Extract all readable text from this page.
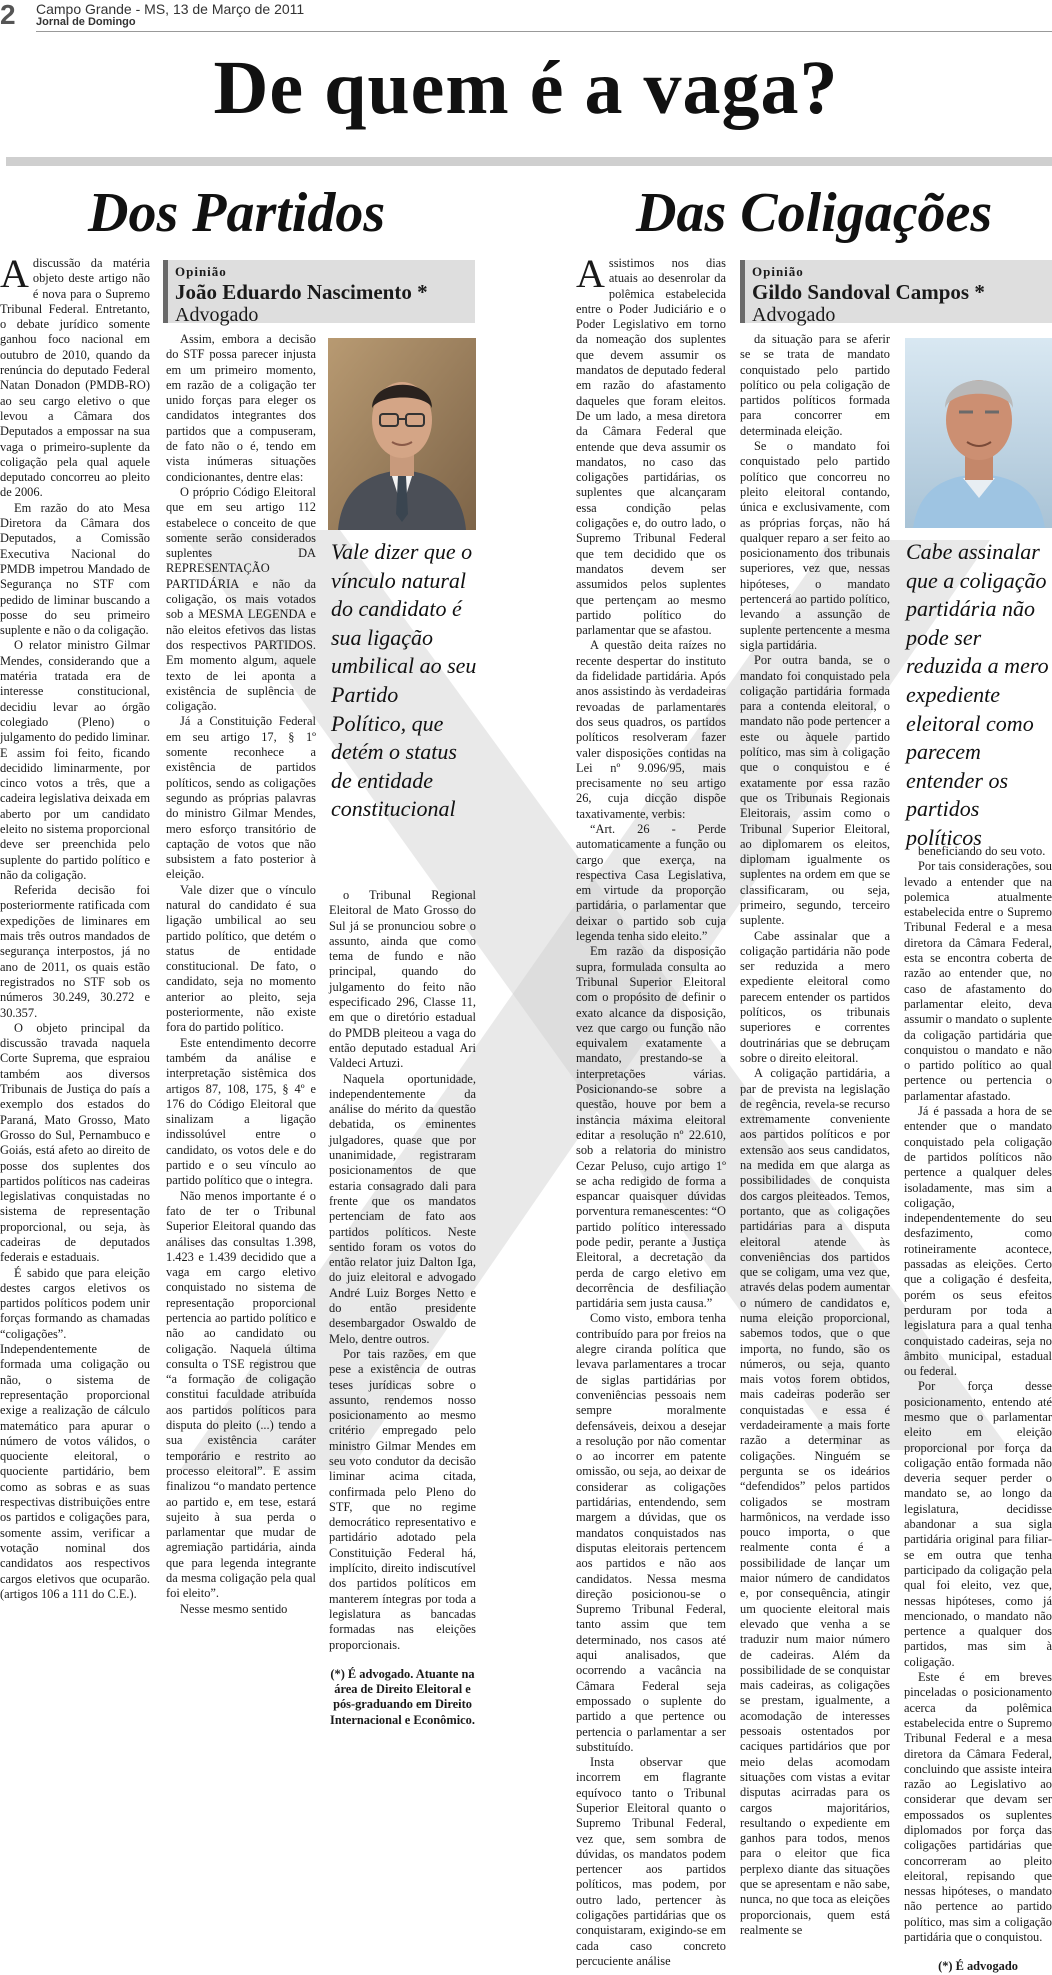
2	Campo Grande - MS, 13 de Março de 2011
Jornal de Domingo
De quem é a vaga?
Dos Partidos	Das Coligações
Opinião
João Eduardo Nascimento *
Advogado

Adiscussão da matéria objeto deste artigo não é nova para o Supremo Tribunal Federal. Entretanto, o debate jurídico somente ganhou foco nacional em outubro de 2010, quando da renúncia do deputado Federal Natan Donadon (PMDB-RO) ao seu cargo eletivo o que levou a Câmara dos Deputados a empossar na sua vaga o primeiro-suplente da coligação pela qual aquele deputado concorreu ao pleito de 2006.

Em razão do ato Mesa Diretora da Câmara dos Deputados, a Comissão Executiva Nacional do PMDB impetrou Mandado de Segurança no STF com pedido de liminar buscando a posse do seu primeiro suplente e não o da coligação.

O relator ministro Gilmar Mendes, considerando que a matéria tratada era de interesse constitucional, decidiu levar ao órgão colegiado (Pleno) o julgamento do pedido liminar. E assim foi feito, ficando decidido liminarmente, por cinco votos a três, que a cadeira legislativa deixada em aberto por um candidato eleito no sistema proporcional deve ser preenchida pelo suplente do partido político e não da coligação.

Referida decisão foi posteriormente ratificada com expedições de liminares em mais três outros mandados de segurança interpostos, já no ano de 2011, os quais estão registrados no STF sob os números 30.249, 30.272 e 30.357.

O objeto principal da discussão travada naquela Corte Suprema, que espraiou também aos diversos Tribunais de Justiça do país a exemplo dos estados do Paraná, Mato Grosso, Mato Grosso do Sul, Pernambuco e Goiás, está afeto ao direito de posse dos suplentes dos partidos políticos nas cadeiras legislativas conquistadas no sistema de representação proporcional, ou seja, às cadeiras de deputados federais e estaduais.

É sabido que para eleição destes cargos eletivos os partidos políticos podem unir forças formando as chamadas “coligações”. Independentemente de formada uma coligação ou não, o sistema de representação proporcional exige a realização de cálculo matemático para apurar o número de votos válidos, o quociente eleitoral, o quociente partidário, bem como as sobras e as suas respectivas distribuições entre os partidos e coligações para, somente assim, verificar a votação nominal dos candidatos aos respectivos cargos eletivos que ocuparão. (artigos 106 a 111 do C.E.).

Assim, embora a decisão do STF possa parecer injusta em um primeiro momento, em razão de a coligação ter unido forças para eleger os candidatos integrantes dos partidos que a compuseram, de fato não o é, tendo em vista inúmeras situações condicionantes, dentre elas:

O próprio Código Eleitoral que em seu artigo 112 estabelece o conceito de que somente serão considerados suplentes DA REPRESENTAÇÃO PARTIDÁRIA e não da coligação, os mais votados sob a MESMA LEGENDA e não eleitos efetivos das listas dos respectivos PARTIDOS. Em momento algum, aquele texto de lei aponta a existência de suplência de coligação.

Já a Constituição Federal em seu artigo 17, § 1º somente reconhece a existência de partidos políticos, sendo as coligações segundo as próprias palavras do ministro Gilmar Mendes, mero esforço transitório de captação de votos que não subsistem a fato posterior à eleição.

Vale dizer que o vínculo natural do candidato é sua ligação umbilical ao seu partido político, que detém o status de entidade constitucional. De fato, o candidato, seja no momento anterior ao pleito, seja posteriormente, não existe fora do partido político.

Este entendimento decorre também da análise e interpretação sistêmica dos artigos 87, 108, 175, § 4º e 176 do Código Eleitoral que sinalizam a ligação indissolúvel entre o candidato, os votos dele e do partido e o seu vínculo ao partido político que o integra.

Não menos importante é o fato de ter o Tribunal Superior Eleitoral quando das análises das consultas 1.398, 1.423 e 1.439 decidido que a vaga em cargo eletivo conquistado no sistema de representação proporcional pertencia ao partido político e não ao candidato ou coligação. Naquela última consulta o TSE registrou que “a formação de coligação constitui faculdade atribuída aos partidos políticos para disputa do pleito (...) tendo a sua existência caráter temporário e restrito ao processo eleitoral”. E assim finalizou “o mandato pertence ao partido e, em tese, estará sujeito à sua perda o parlamentar que mudar de agremiação partidária, ainda que para legenda integrante da mesma coligação pela qual foi eleito”.

Nesse mesmo sentido

o Tribunal Regional Eleitoral de Mato Grosso do Sul já se pronunciou sobre o assunto, ainda que como tema de fundo e não principal, quando do julgamento do feito não especificado 296, Classe 11, em que o diretório estadual do PMDB pleiteou a vaga do então deputado estadual Ari Valdeci Artuzi.

Naquela oportunidade, independentemente da análise do mérito da questão debatida, os eminentes julgadores, quase que por unanimidade, registraram posicionamentos de que estaria consagrado dali para frente que os mandatos pertenciam de fato aos partidos políticos. Neste sentido foram os votos do então relator juiz Dalton Iga, do juiz eleitoral e advogado André Luiz Borges Netto e do então presidente desembargador Oswaldo de Melo, dentre outros.

Por tais razões, em que pese a existência de outras teses jurídicas sobre o assunto, rendemos nosso posicionamento ao mesmo critério empregado pelo ministro Gilmar Mendes em seu voto condutor da decisão liminar acima citada, confirmada pelo Pleno do STF, que no regime democrático representativo e partidário adotado pela Constituição Federal há, implícito, direito indiscutível dos partidos políticos em manterem íntegras por toda a legislatura as bancadas formadas nas eleições proporcionais.

(*) É advogado. Atuante na área de Direito Eleitoral e pós-graduando em Direito Internacional e Econômico.

Vale dizer que o vínculo natural do candidato é sua ligação umbilical ao seu Partido Político, que detém o status de entidade constitucional
Opinião
Gildo Sandoval Campos *
Advogado

Assistimos nos dias atuais ao desenrolar da polêmica estabelecida entre o Poder Judiciário e o Poder Legislativo em torno da nomeação dos suplentes que devem assumir os mandatos de deputado federal em razão do afastamento daqueles que foram eleitos. De um lado, a mesa diretora da Câmara Federal que entende que deva assumir os mandatos, no caso das coligações partidárias, os suplentes que alcançaram essa condição pelas coligações e, do outro lado, o Supremo Tribunal Federal que tem decidido que os mandatos devem ser assumidos pelos suplentes que pertençam ao mesmo partido político do parlamentar que se afastou.

A questão deita raízes no recente despertar do instituto da fidelidade partidária. Após anos assistindo às verdadeiras revoadas de parlamentares dos seus quadros, os partidos políticos resolveram fazer valer disposições contidas na Lei nº 9.096/95, mais precisamente no seu artigo 26, cuja dicção dispõe taxativamente, verbis:

“Art. 26 - Perde automaticamente a função ou cargo que exerça, na respectiva Casa Legislativa, em virtude da proporção partidária, o parlamentar que deixar o partido sob cuja legenda tenha sido eleito.”

Em razão da disposição supra, formulada consulta ao Tribunal Superior Eleitoral com o propósito de definir o exato alcance da disposição, vez que cargo ou função não equivalem exatamente a mandato, prestando-se a interpretações várias. Posicionando-se sobre a questão, houve por bem a instância máxima eleitoral editar a resolução nº 22.610, sob a relatoria do ministro Cezar Peluso, cujo artigo 1º se acha redigido de forma a espancar quaisquer dúvidas porventura remanescentes: “O partido político interessado pode pedir, perante a Justiça Eleitoral, a decretação da perda de cargo eletivo em decorrência de desfiliação partidária sem justa causa.”

Como visto, embora tenha contribuído para por freios na alegre ciranda política que levava parlamentares a trocar de siglas partidárias por conveniências pessoais nem sempre moralmente defensáveis, deixou a desejar a resolução por não comentar o ao incorrer em patente omissão, ou seja, ao deixar de considerar as coligações partidárias, entendendo, sem margem a dúvidas, que os mandatos conquistados nas disputas eleitorais pertencem aos partidos e não aos candidatos. Nessa mesma direção posicionou-se o Supremo Tribunal Federal, tanto assim que tem determinado, nos casos até aqui analisados, que ocorrendo a vacância na Câmara Federal seja empossado o suplente do partido a que pertence ou pertencia o parlamentar a ser substituído.

Insta observar que incorrem em flagrante equívoco tanto o Tribunal Superior Eleitoral quanto o Supremo Tribunal Federal, vez que, sem sombra de dúvidas, os mandatos podem pertencer aos partidos políticos, mas podem, por outro lado, pertencer às coligações partidárias que os conquistaram, exigindo-se em cada caso concreto percuciente análise

da situação para se aferir se se trata de mandato conquistado pelo partido político ou pela coligação de partidos políticos formada para concorrer em determinada eleição.

Se o mandato foi conquistado pelo partido político que concorreu no pleito eleitoral contando, única e exclusivamente, com as próprias forças, não há qualquer reparo a ser feito ao posicionamento dos tribunais superiores, vez que, nessas hipóteses, o mandato pertencerá ao partido político, levando a assunção de suplente pertencente a mesma sigla partidária.

Por outra banda, se o mandato foi conquistado pela coligação partidária formada para a contenda eleitoral, o mandato não pode pertencer a este ou àquele partido político, mas sim à coligação que o conquistou e é exatamente por essa razão que os Tribunais Regionais Eleitorais, assim como o Tribunal Superior Eleitoral, ao diplomarem os eleitos, diplomam igualmente os suplentes na ordem em que se classificaram, ou seja, primeiro, segundo, terceiro suplente.

Cabe assinalar que a coligação partidária não pode ser reduzida a mero expediente eleitoral como parecem entender os partidos políticos, os tribunais superiores e correntes doutrinárias que se debruçam sobre o direito eleitoral.

A coligação partidária, a par de prevista na legislação de regência, revela-se recurso extremamente conveniente aos partidos políticos e por extensão aos seus candidatos, na medida em que alarga as possibilidades de conquista dos cargos pleiteados. Temos, portanto, que as coligações partidárias para a disputa eleitoral atende às conveniências dos partidos que se coligam, uma vez que, através delas podem aumentar o número de candidatos e, numa eleição proporcional, sabemos todos, que o que importa, no fundo, são os números, ou seja, quanto mais votos forem obtidos, mais cadeiras poderão ser conquistadas e essa é verdadeiramente a mais forte razão a determinar as coligações. Ninguém se pergunta se os ideários “defendidos” pelos partidos coligados se mostram harmônicos, na verdade isso pouco importa, o que realmente conta é a possibilidade de lançar um maior número de candidatos e, por consequência, atingir um quociente eleitoral mais elevado que venha a se traduzir num maior número de cadeiras. Além da possibilidade de se conquistar mais cadeiras, as coligações se prestam, igualmente, a acomodação de interesses pessoais ostentados por caciques partidários que por meio delas acomodam situações com vistas a evitar disputas acirradas para os cargos majoritários, resultando o expediente em ganhos para todos, menos para o eleitor que fica perplexo diante das situações que se apresentam e não sabe, nunca, no que toca as eleições proporcionais, quem está realmente se

beneficiando do seu voto.

Por tais considerações, sou levado a entender que na polemica atualmente estabelecida entre o Supremo Tribunal Federal e a mesa diretora da Câmara Federal, esta se encontra coberta de razão ao entender que, no caso de afastamento do parlamentar eleito, deva assumir o mandato o suplente da coligação partidária que conquistou o mandato e não o partido político ao qual pertence ou pertencia o parlamentar afastado.

Já é passada a hora de se entender que o mandato conquistado pela coligação de partidos políticos não pertence a qualquer deles isoladamente, mas sim a coligação, independentemente do seu desfazimento, como rotineiramente acontece, passadas as eleições. Certo que a coligação é desfeita, porém os seus efeitos perduram por toda a legislatura para a qual tenha conquistado cadeiras, seja no âmbito municipal, estadual ou federal.

Por força desse posicionamento, entendo até mesmo que o parlamentar eleito em eleição proporcional por força da coligação então formada não deveria sequer perder o mandato se, ao longo da legislatura, decidisse abandonar a sua sigla partidária original para filiar-se em outra que tenha participado da coligação pela qual foi eleito, vez que, nessas hipóteses, como já mencionado, o mandato não pertence a qualquer dos partidos, mas sim à coligação.

Este é em breves pinceladas o posicionamento acerca da polêmica estabelecida entre o Supremo Tribunal Federal e a mesa diretora da Câmara Federal, concluindo que assiste inteira razão ao Legislativo ao considerar que devam ser empossados os suplentes diplomados por força das coligações partidárias que concorreram ao pleito eleitoral, repisando que nessas hipóteses, o mandato não pertence ao partido político, mas sim a coligação partidária que o conquistou.

(*) É advogado

Cabe assinalar que a coligação partidária não pode ser reduzida a mero expediente eleitoral como parecem entender os partidos políticos
